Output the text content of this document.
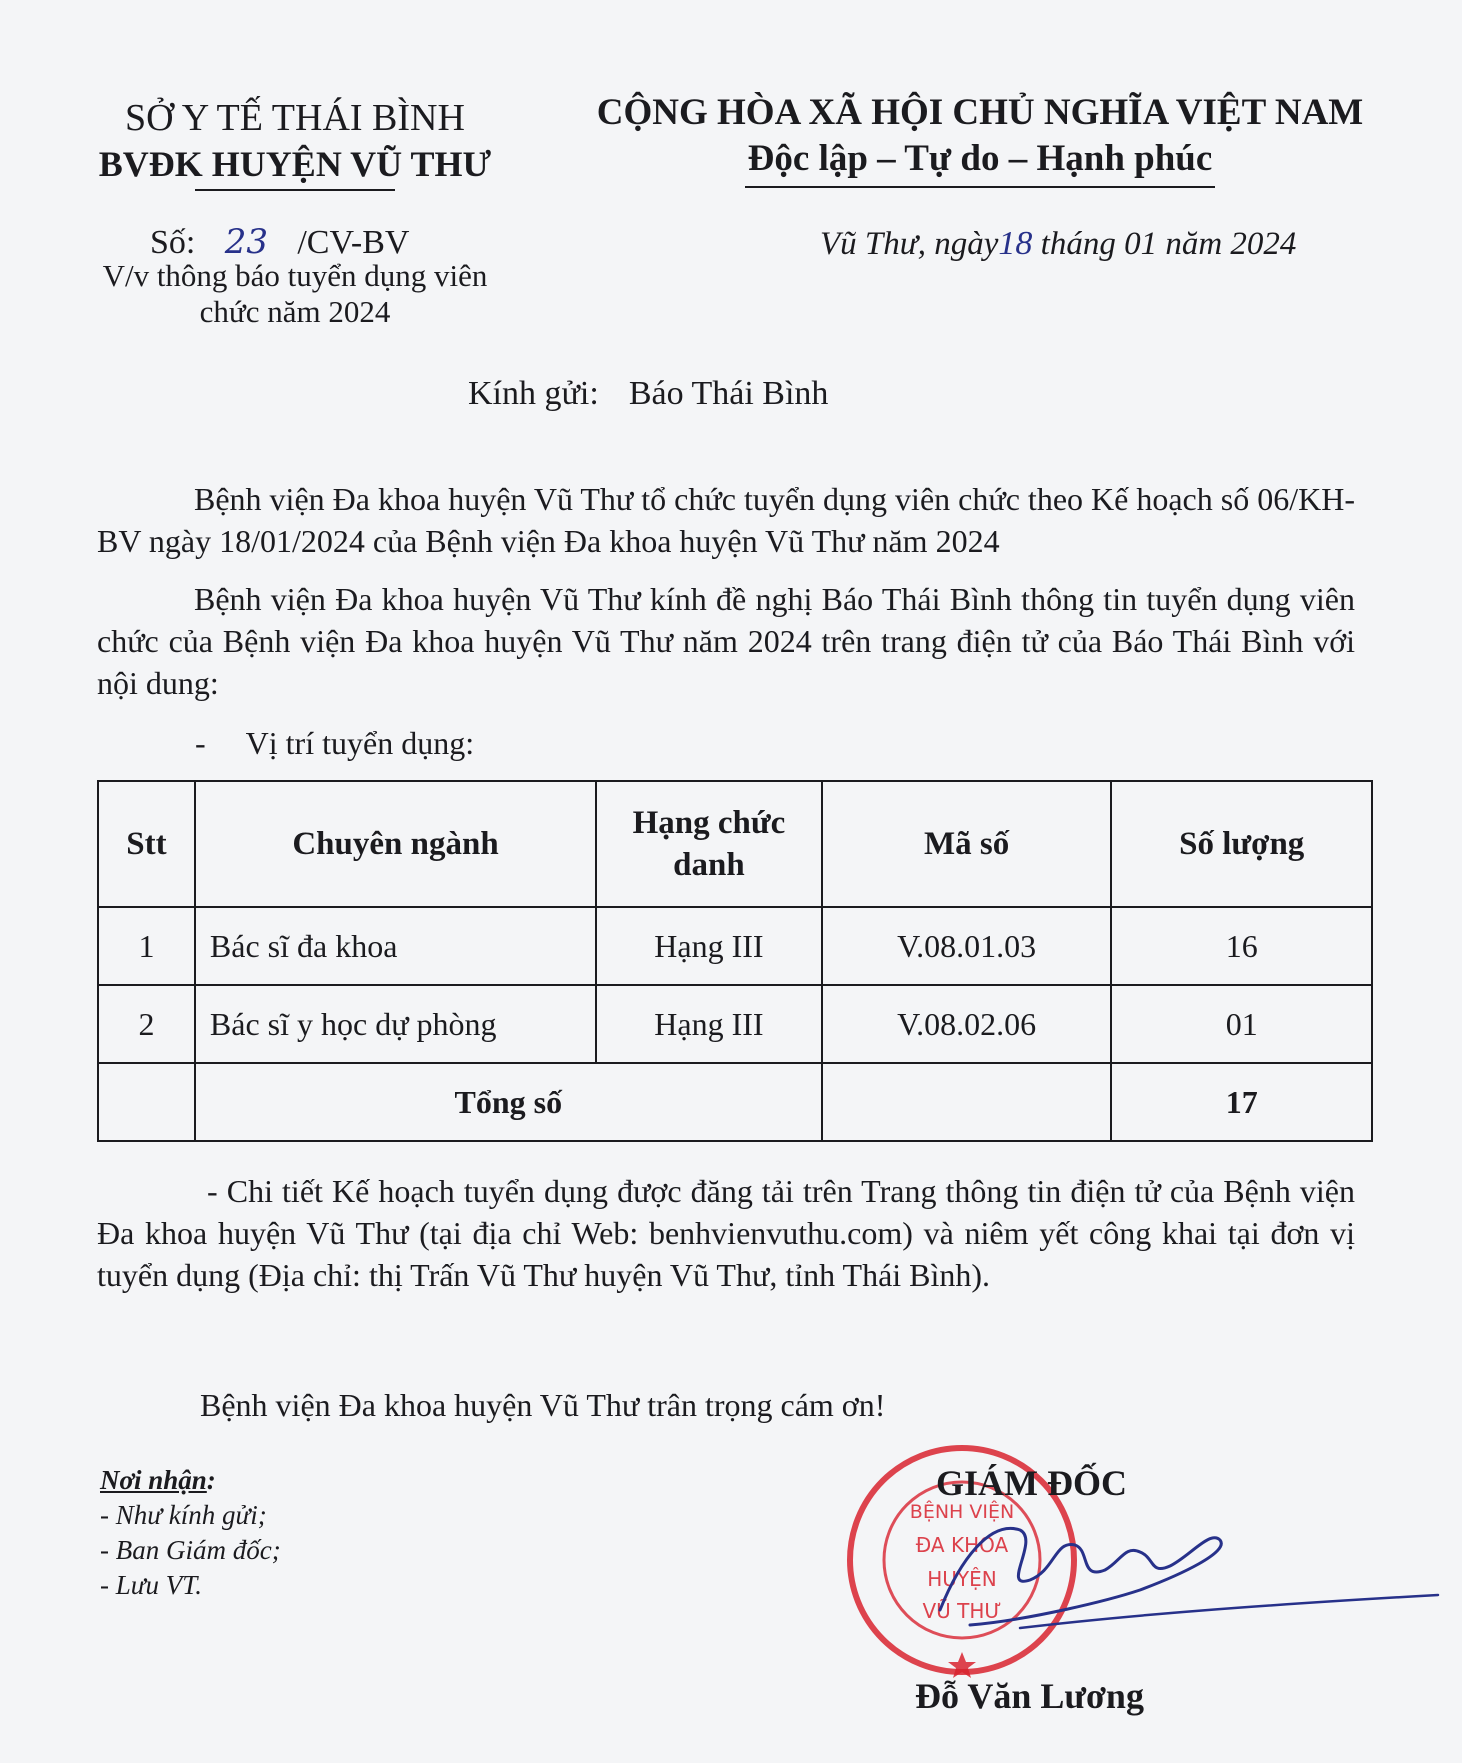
SỞ Y TẾ THÁI BÌNH
BVĐK HUYỆN VŨ THƯ
CỘNG HÒA XÃ HỘI CHỦ NGHĨA VIỆT NAM
Độc lập – Tự do – Hạnh phúc
Số: 23 /CV-BV
V/v thông báo tuyển dụng viên
chức năm 2024
Vũ Thư, ngày18 tháng 01 năm 2024
Kính gửi: Báo Thái Bình
Bệnh viện Đa khoa huyện Vũ Thư tổ chức tuyển dụng viên chức theo Kế hoạch số 06/KH-BV ngày 18/01/2024 của Bệnh viện Đa khoa huyện Vũ Thư năm 2024
Bệnh viện Đa khoa huyện Vũ Thư kính đề nghị Báo Thái Bình thông tin tuyển dụng viên chức của Bệnh viện Đa khoa huyện Vũ Thư năm 2024 trên trang điện tử của Báo Thái Bình với nội dung:
- Vị trí tuyển dụng:
Stt	Chuyên ngành	Hạng chức danh	Mã số	Số lượng
1	Bác sĩ đa khoa	Hạng III	V.08.01.03	16
2	Bác sĩ y học dự phòng	Hạng III	V.08.02.06	01
	Tổng số			17
- Chi tiết Kế hoạch tuyển dụng được đăng tải trên Trang thông tin điện tử của Bệnh viện Đa khoa huyện Vũ Thư (tại địa chỉ Web: benhvienvuthu.com) và niêm yết công khai tại đơn vị tuyển dụng (Địa chỉ: thị Trấn Vũ Thư huyện Vũ Thư, tỉnh Thái Bình).
Bệnh viện Đa khoa huyện Vũ Thư trân trọng cám ơn!
Nơi nhận:
- Như kính gửi;
- Ban Giám đốc;
- Lưu VT.
BỆNH VIỆN
ĐA KHOA
HUYỆN
VŨ THƯ
GIÁM ĐỐC
Đỗ Văn Lương
